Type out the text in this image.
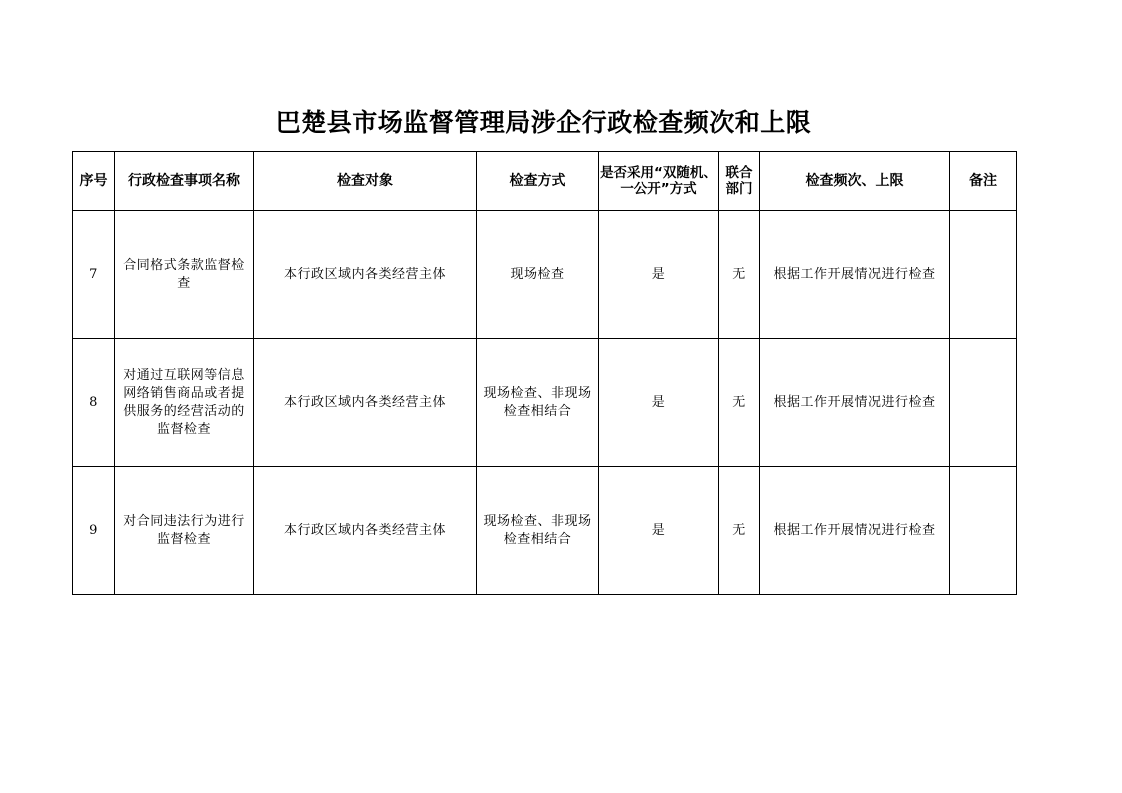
巴楚县市场监督管理局涉企行政检查频次和上限
序号	行政检查事项名称	检查对象	检查方式	是否采用“双随机、一公开”方式	联合部门	检查频次、上限	备注
7	合同格式条款监督检查	本行政区域内各类经营主体	现场检查	是	无	根据工作开展情况进行检查	
8	对通过互联网等信息网络销售商品或者提供服务的经营活动的监督检查	本行政区域内各类经营主体	现场检查、非现场检查相结合	是	无	根据工作开展情况进行检查	
9	对合同违法行为进行监督检查	本行政区域内各类经营主体	现场检查、非现场检查相结合	是	无	根据工作开展情况进行检查	
